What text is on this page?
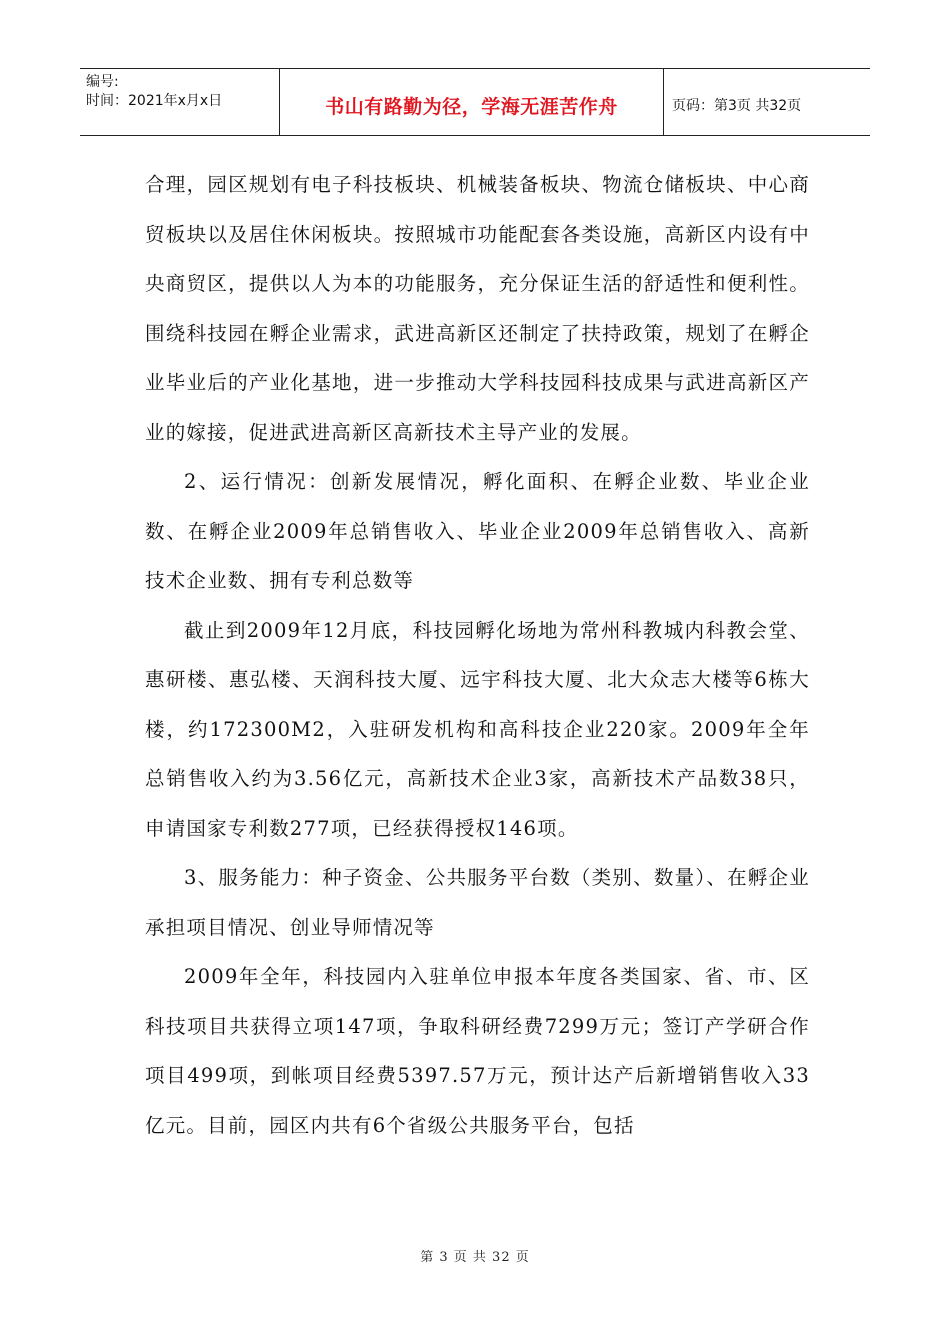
编号:
时间：2021年x月x日	书山有路勤为径，学海无涯苦作舟	页码：第3页 共32页

合理，园区规划有电子科技板块、机械装备板块、物流仓储板块、中心商贸板块以及居住休闲板块。按照城市功能配套各类设施，高新区内设有中央商贸区，提供以人为本的功能服务，充分保证生活的舒适性和便利性。围绕科技园在孵企业需求，武进高新区还制定了扶持政策，规划了在孵企业毕业后的产业化基地，进一步推动大学科技园科技成果与武进高新区产业的嫁接，促进武进高新区高新技术主导产业的发展。

2、运行情况：创新发展情况，孵化面积、在孵企业数、毕业企业数、在孵企业2009年总销售收入、毕业企业2009年总销售收入、高新技术企业数、拥有专利总数等

截止到2009年12月底，科技园孵化场地为常州科教城内科教会堂、惠研楼、惠弘楼、天润科技大厦、远宇科技大厦、北大众志大楼等6栋大楼，约172300M2，入驻研发机构和高科技企业220家。2009年全年总销售收入约为3.56亿元，高新技术企业3家，高新技术产品数38只，申请国家专利数277项，已经获得授权146项。

3、服务能力：种子资金、公共服务平台数（类别、数量）、在孵企业承担项目情况、创业导师情况等

2009年全年，科技园内入驻单位申报本年度各类国家、省、市、区科技项目共获得立项147项，争取科研经费7299万元；签订产学研合作项目499项，到帐项目经费5397.57万元，预计达产后新增销售收入33亿元。目前，园区内共有6个省级公共服务平台，包括

第 3 页 共 32 页
